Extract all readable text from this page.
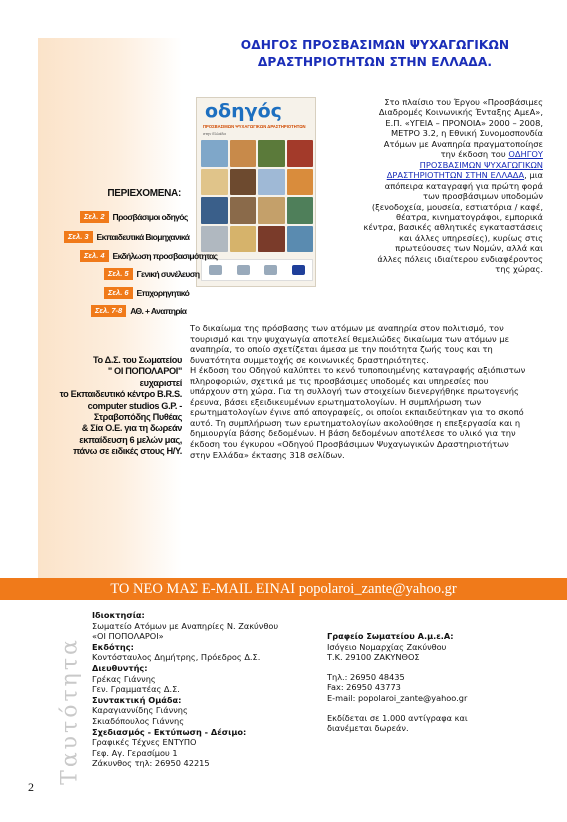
ΟΔΗΓΟΣ ΠΡΟΣΒΑΣΙΜΩΝ ΨΥΧΑΓΩΓΙΚΩΝ
ΔΡΑΣΤΗΡΙΟΤΗΤΩΝ ΣΤΗΝ ΕΛΛΑΔΑ.
οδηγός
ΠΡΟΣΒΑΣΙΜΩΝ ΨΥΧΑΓΩΓΙΚΩΝ ΔΡΑΣΤΗΡΙΟΤΗΤΩΝ
στην Ελλάδα
Στο πλαίσιο του Έργου «Προσβάσιμες
Διαδρομές Κοινωνικής Ένταξης ΑμεΑ»,
Ε.Π. «ΥΓΕΙΑ – ΠΡΟΝΟΙΑ» 2000 – 2008,
ΜΕΤΡΟ 3.2, η Εθνική Συνομοσπονδία
Ατόμων με Αναπηρία πραγματοποίησε
την έκδοση του ΟΔΗΓΟΥ
ΠΡΟΣΒΑΣΙΜΩΝ ΨΥΧΑΓΩΓΙΚΩΝ
ΔΡΑΣΤΗΡΙΟΤΗΤΩΝ ΣΤΗΝ ΕΛΛΑΔΑ, μια
απόπειρα καταγραφή για πρώτη φορά
των προσβάσιμων υποδομών
(ξενοδοχεία, μουσεία, εστιατόρια / καφέ,
θέατρα, κινηματογράφοι, εμπορικά
κέντρα, βασικές αθλητικές εγκαταστάσεις
και άλλες υπηρεσίες), κυρίως στις
πρωτεύουσες των Νομών, αλλά και
άλλες πόλεις ιδιαίτερου ενδιαφέροντος
της χώρας.
ΠΕΡΙΕΧΟΜΕΝΑ:
Σελ. 2 Προσβάσιμοι οδηγός
Σελ. 3 Εκπαιδευτικά Βιομηχανικά
Σελ. 4 Εκδήλωση προσβασιμότητας
Σελ. 5 Γενική συνέλευση
Σελ. 6 Επιχορηγητικό
Σελ. 7-8 ΑΘ. + Αναπηρία
Το Δ.Σ. του Σωματείου
" ΟΙ ΠΟΠΟΛΑΡΟΙ"
ευχαριστεί
το Εκπαιδευτικό κέντρο B.R.S.
computer studios G.P. -
Στραβοπόδης Πυθέας
& Σία Ο.Ε. για τη δωρεάν
εκπαίδευση 6 μελών μας,
πάνω σε ειδικές στους Η/Υ.

Το δικαίωμα της πρόσβασης των ατόμων με αναπηρία στον πολιτισμό, τον τουρισμό και την ψυχαγωγία αποτελεί θεμελιώδες δικαίωμα των ατόμων με αναπηρία, το οποίο σχετίζεται άμεσα με την ποιότητα ζωής τους και τη δυνατότητα συμμετοχής σε κοινωνικές δραστηριότητες.

Η έκδοση του Οδηγού καλύπτει το κενό τυποποιημένης καταγραφής αξιόπιστων πληροφοριών, σχετικά με τις προσβάσιμες υποδομές και υπηρεσίες που υπάρχουν στη χώρα. Για τη συλλογή των στοιχείων διενεργήθηκε πρωτογενής έρευνα, βάσει εξειδικευμένων ερωτηματολογίων. Η συμπλήρωση των ερωτηματολογίων έγινε από απογραφείς, οι οποίοι εκπαιδεύτηκαν για το σκοπό αυτό. Τη συμπλήρωση των ερωτηματολογίων ακολούθησε η επεξεργασία και η δημιουργία βάσης δεδομένων. Η βάση δεδομένων αποτέλεσε το υλικό για την έκδοση του έγκυρου «Οδηγού Προσβάσιμων Ψυχαγωγικών Δραστηριοτήτων στην Ελλάδα» έκτασης 318 σελίδων.

ΤΟ ΝΕΟ ΜΑΣ E-MAIL ΕΙΝΑΙ popolaroi_zante@yahoo.gr
Ταυτότητα
2
Ιδιοκτησία:
Σωματείο Ατόμων με Αναπηρίες Ν. Ζακύνθου
«ΟΙ ΠΟΠΟΛΑΡΟΙ»
Εκδότης:
Κοντόσταυλος Δημήτρης, Πρόεδρος Δ.Σ.
Διευθυντής:
Γρέκας Γιάννης
Γεν. Γραμματέας Δ.Σ.
Συντακτική Ομάδα:
Καραγιαννίδης Γιάννης
Σκιαδόπουλος Γιάννης
Σχεδιασμός - Εκτύπωση - Δέσιμο:
Γραφικές Τέχνες ΕΝΤΥΠΟ
Γεφ. Αγ. Γερασίμου 1
Ζάκυνθος τηλ: 26950 42215
Γραφείο Σωματείου Α.μ.ε.Α:
Ισόγειο Νομαρχίας Ζακύνθου
Τ.Κ. 29100 ΖΑΚΥΝΘΟΣ
Τηλ.: 26950 48435
Fax: 26950 43773
E-mail: popolaroi_zante@yahoo.gr
Εκδίδεται σε 1.000 αντίγραφα και
διανέμεται δωρεάν.
